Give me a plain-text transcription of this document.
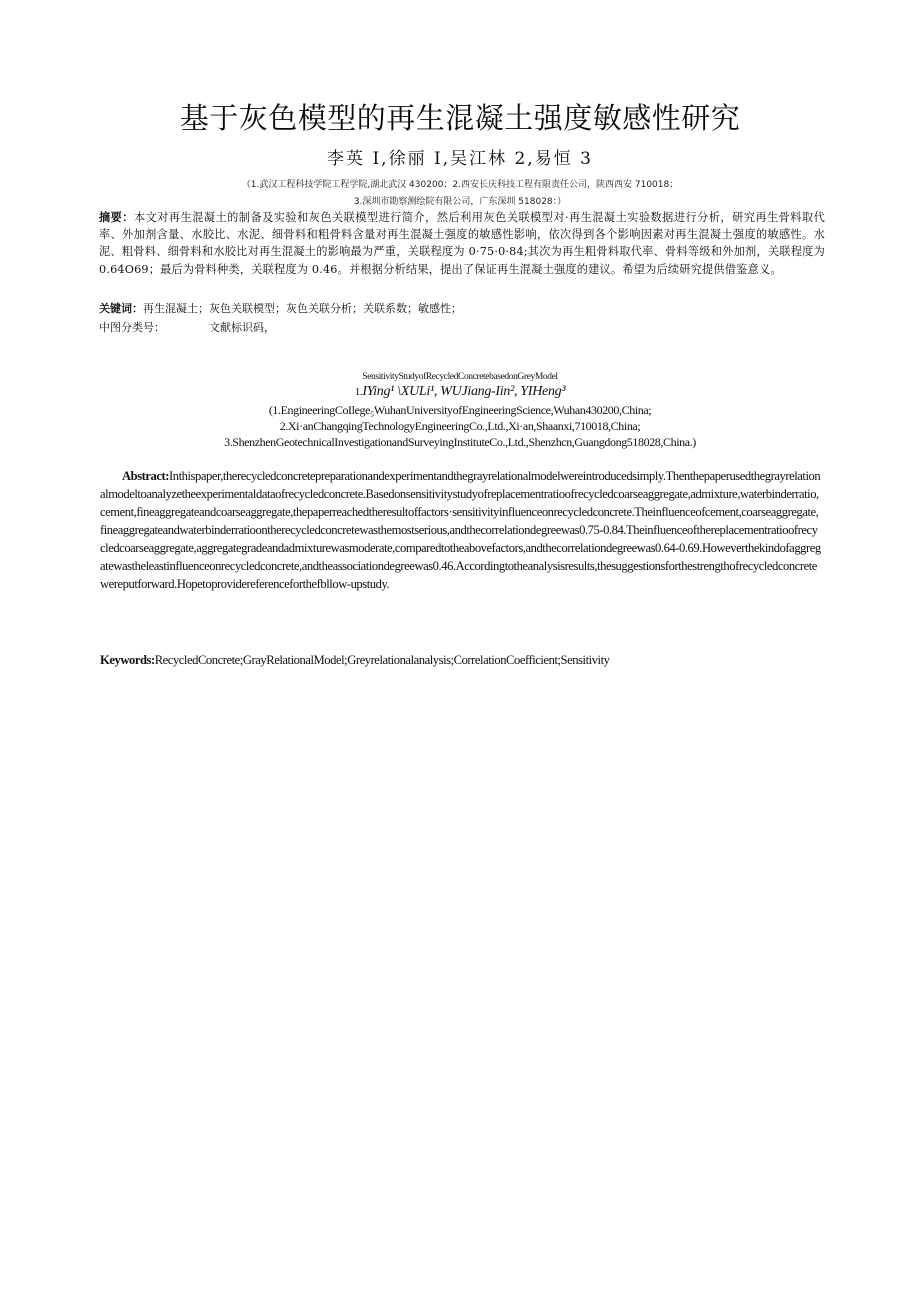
基于灰色模型的再生混凝土强度敏感性研究
李英 I,徐丽 I,吴江林 2,易恒 3
（1.武汉工程科技学院工程学院,湖北武汉 430200；2.西安长庆科技工程有限责任公司，陕西西安 710018；
3.深圳市勘察测绘院有限公司，广东深圳 518028：）
摘要：本文对再生混凝土的制备及实验和灰色关联模型进行简介，然后利用灰色关联模型对·再生混凝土实验数据进行分析，研究再生骨料取代率、外加剂含量、水胶比、水泥、细骨料和粗骨料含量对再生混凝土强度的敏感性影响，依次得到各个影响因素对再生混凝土强度的敏感性。水泥、粗骨料、细骨料和水胶比对再生混凝土的影响最为严重，关联程度为 0·75·0·84;其次为再生粗骨料取代率、骨料等级和外加剂，关联程度为 0.64O69；最后为骨料种类，关联程度为 0.46。并根据分析结果，提出了保证再生混凝土强度的建议。希望为后续研究提供借鉴意义。
关键词：再生混凝土；灰色关联模型；灰色关联分析；关联系数；敏感性；
中图分类号：	文献标识码，
SensitivityStudyofRecycledConcretebasedonGreyModel
1.IYing¹ \XULi¹, WUJiang-Iin², YIHeng³
(1.EngineeringCoIlege₅WuhanUniversityofEngineeringScience,Wuhan430200,China;
2.Xi·anChangqingTechnologyEngineeringCo.,Ltd.,Xi·an,Shaanxi,710018,China;
3.ShenzhenGeotechnicalInvestigationandSurveyingInstituteCo.,Ltd.,Shenzhcn,Guangdong518028,China.)
Abstract:Inthispaper,therecycledconcretepreparationandexperimentandthegrayrelationalmodelwereintroducedsimply.Thenthepaperusedthegrayrelationalmodeltoanalyzetheexperimentaldataofrecycledconcrete.Basedonsensitivitystudyofreplacementratioofrecycledcoarseaggregate,admixture,waterbinderratio,cement,fineaggregateandcoarseaggregate,thepaperreachedtheresultoffactors·sensitivityinfluenceonrecycledconcrete.Theinfluenceofcement,coarseaggregate,fineaggregateandwaterbinderratioontherecycledconcretewasthemostserious,andthecorrelationdegreewas0.75-0.84.Theinfluenceofthereplacementratioofrecycledcoarseaggregate,aggregategradeandadmixturewasmoderate,comparedtotheabovefactors,andthecorrelationdegreewas0.64-0.69.Howeverthekindofaggregatewastheleastinfluenceonrecycledconcrete,andtheassociationdegreewas0.46.Accordingtotheanalysisresults,thesuggestionsforthestrengthofrecycledconcretewereputforward.Hopetoprovidereferenceforthefbllow-upstudy.
Keywords:RecycledConcrete;GrayRelationalModel;Greyrelationalanalysis;CorrelationCoefficient;Sensitivity
